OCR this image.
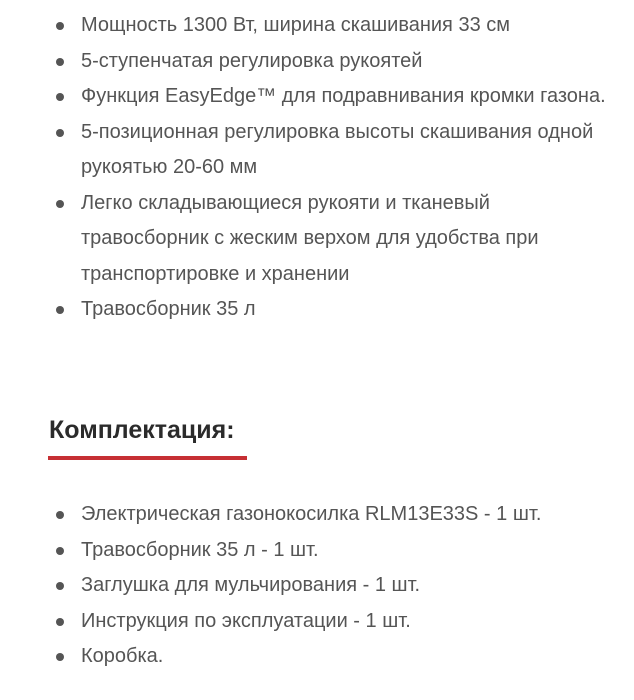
Мощность 1300 Вт, ширина скашивания 33 см
5-ступенчатая регулировка рукоятей
Функция EasyEdge™ для подравнивания кромки газона.
5-позиционная регулировка высоты скашивания одной рукоятью 20-60 мм
Легко складывающиеся рукояти и тканевый травосборник с жеским верхом для удобства при транспортировке и хранении
Травосборник 35 л
Комплектация:
Электрическая газонокосилка RLM13E33S - 1 шт.
Травосборник 35 л - 1 шт.
Заглушка для мульчирования - 1 шт.
Инструкция по эксплуатации - 1 шт.
Коробка.
